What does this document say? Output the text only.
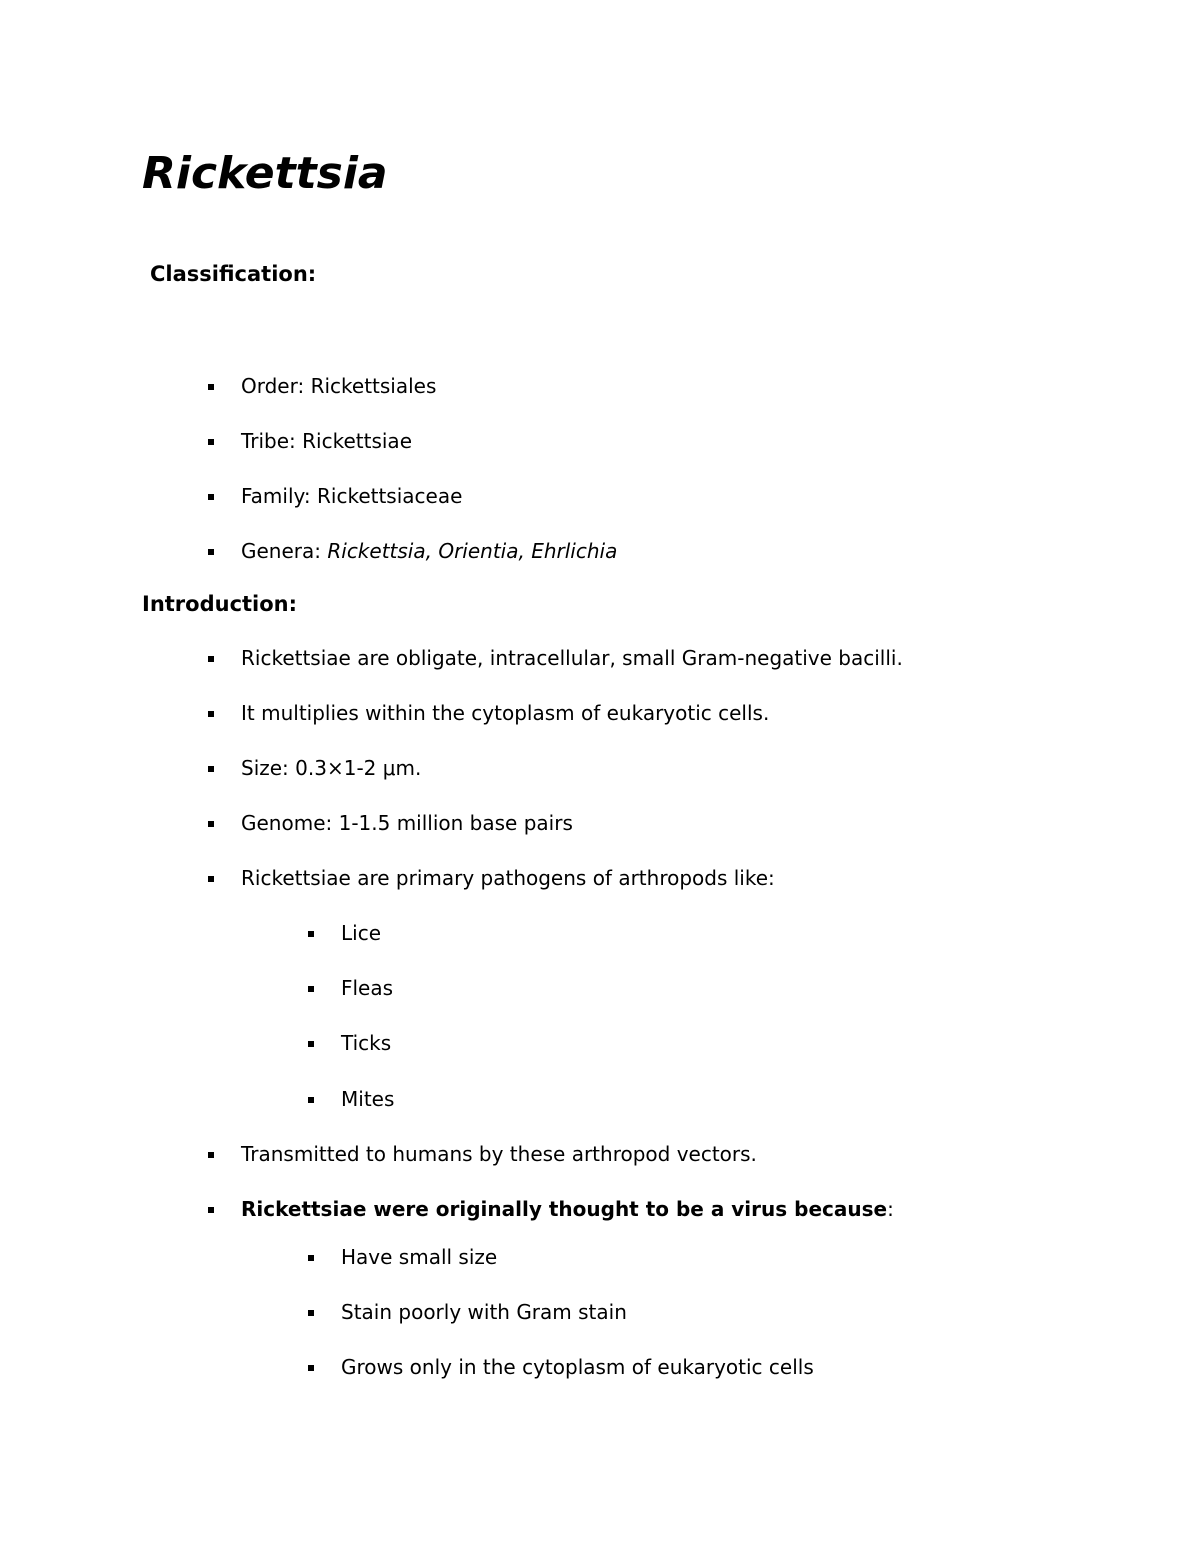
Rickettsia
Classification:
Order: Rickettsiales
Tribe: Rickettsiae
Family: Rickettsiaceae
Genera: Rickettsia, Orientia, Ehrlichia
Introduction:
Rickettsiae are obligate, intracellular, small Gram-negative bacilli.
It multiplies within the cytoplasm of eukaryotic cells.
Size: 0.3×1-2 μm.
Genome: 1-1.5 million base pairs
Rickettsiae are primary pathogens of arthropods like:
Lice
Fleas
Ticks
Mites
Transmitted to humans by these arthropod vectors.
Rickettsiae were originally thought to be a virus because:
Have small size
Stain poorly with Gram stain
Grows only in the cytoplasm of eukaryotic cells
